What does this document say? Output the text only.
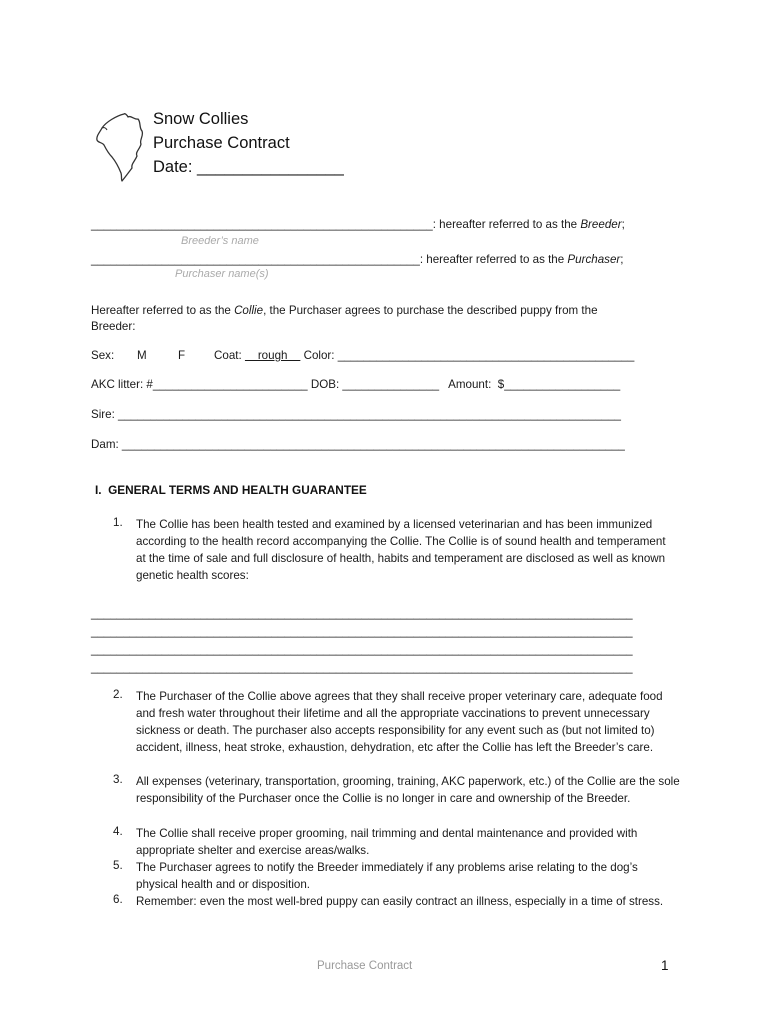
Snow Collies
Purchase Contract
Date: ________________
_____________________________________________________: hereafter referred to as the Breeder;
Breeder’s name
___________________________________________________: hereafter referred to as the Purchaser;
Purchaser name(s)
Hereafter referred to as the Collie, the Purchaser agrees to purchase the described puppy from the
Breeder:
Sex: M	F Coat:     rough     Color: ______________________________________________
AKC litter: #________________________ DOB: _______________   Amount:  $__________________
Sire: ______________________________________________________________________________
Dam: ______________________________________________________________________________
I.  GENERAL TERMS AND HEALTH GUARANTEE
1. The Collie has been health tested and examined by a licensed veterinarian and has been immunized according to the health record accompanying the Collie. The Collie is of sound health and temperament at the time of sale and full disclosure of health, habits and temperament are disclosed as well as known genetic health scores:
____________________________________________________________________________________
____________________________________________________________________________________
____________________________________________________________________________________
____________________________________________________________________________________
2. The Purchaser of the Collie above agrees that they shall receive proper veterinary care, adequate food and fresh water throughout their lifetime and all the appropriate vaccinations to prevent unnecessary sickness or death. The purchaser also accepts responsibility for any event such as (but not limited to) accident, illness, heat stroke, exhaustion, dehydration, etc after the Collie has left the Breeder’s care.
3. All expenses (veterinary, transportation, grooming, training, AKC paperwork, etc.) of the Collie are the sole responsibility of the Purchaser once the Collie is no longer in care and ownership of the Breeder.
4. The Collie shall receive proper grooming, nail trimming and dental maintenance and provided with appropriate shelter and exercise areas/walks.
5. The Purchaser agrees to notify the Breeder immediately if any problems arise relating to the dog’s physical health and or disposition.
6. Remember: even the most well-bred puppy can easily contract an illness, especially in a time of stress.
Purchase Contract	1
